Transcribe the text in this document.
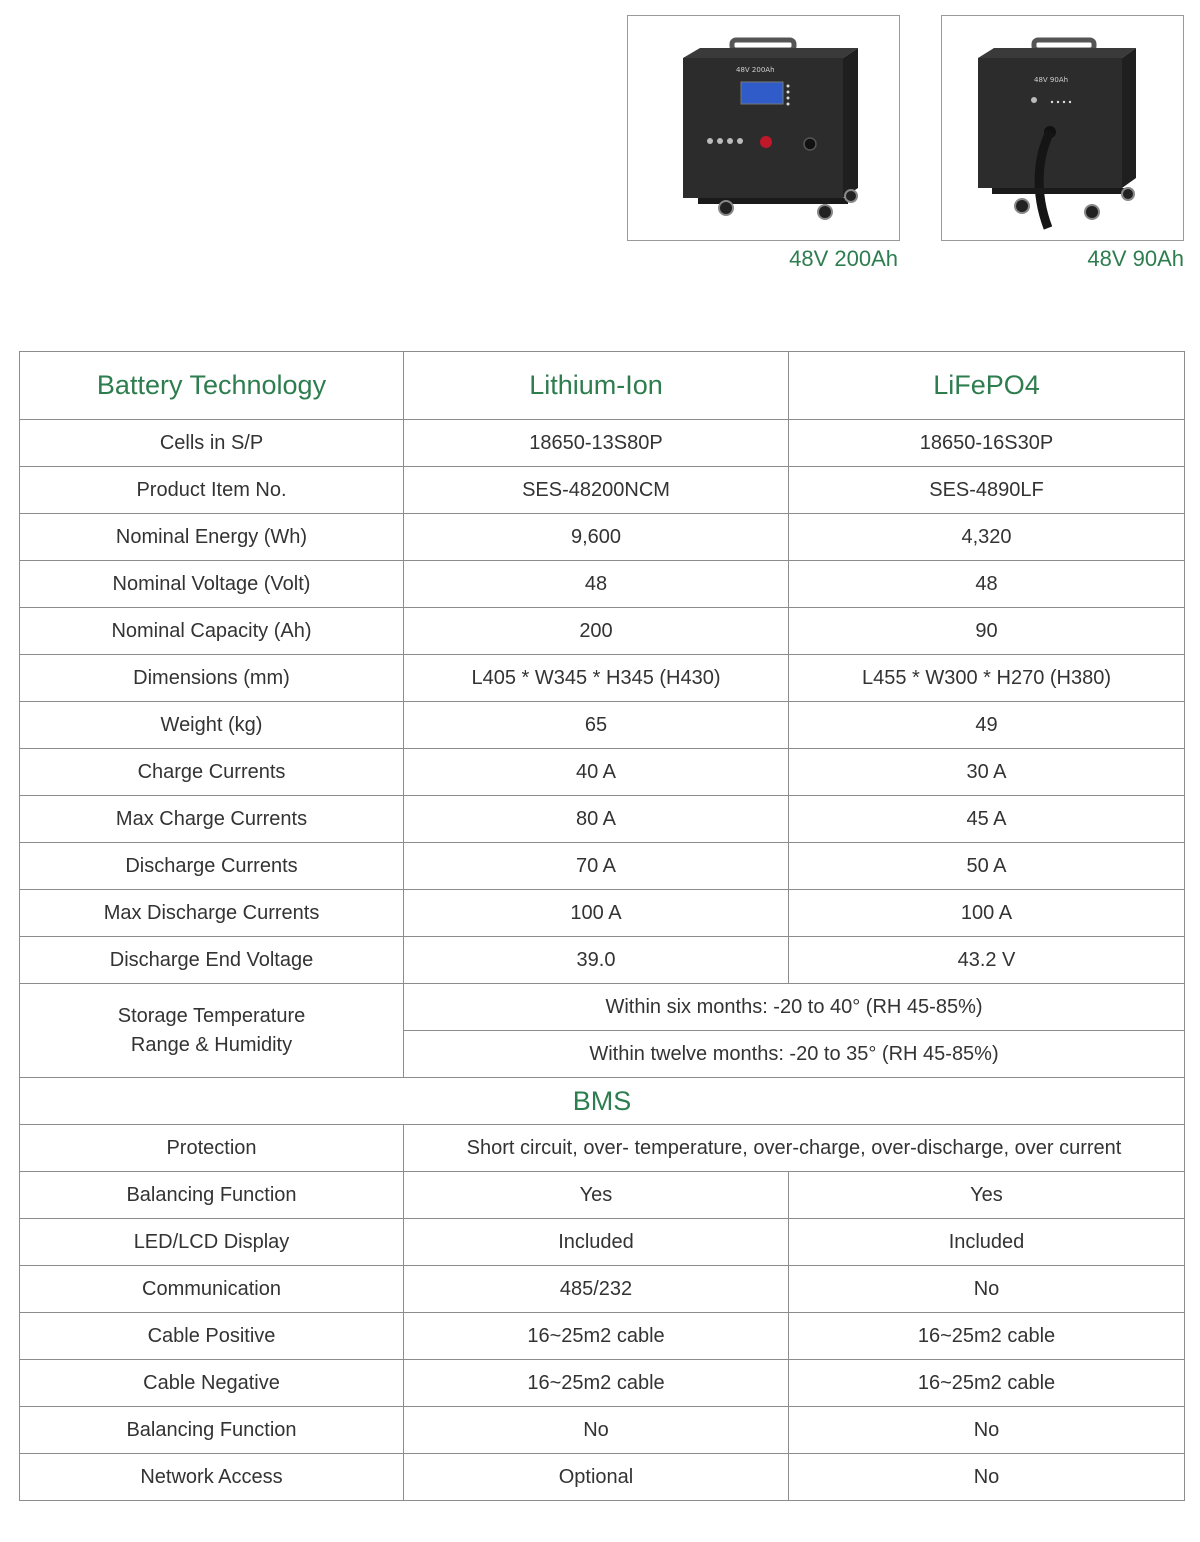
48V 200Ah
48V 200Ah
48V 90Ah
48V 90Ah
Battery Technology	Lithium-Ion	LiFePO4
Cells in S/P	18650-13S80P	18650-16S30P
Product Item No.	SES-48200NCM	SES-4890LF
Nominal Energy (Wh)	9,600	4,320
Nominal Voltage (Volt)	48	48
Nominal Capacity (Ah)	200	90
Dimensions (mm)	L405 * W345 * H345 (H430)	L455 * W300 * H270 (H380)
Weight (kg)	65	49
Charge Currents	40 A	30 A
Max Charge Currents	80 A	45 A
Discharge Currents	70 A	50 A
Max Discharge Currents	100 A	100 A
Discharge End Voltage	39.0	43.2 V

Storage Temperature
Range & Humidity	Within six months: -20 to 40° (RH 45-85%)	
	Within twelve months: -20 to 35° (RH 45-85%)	
BMS		
Protection	Short circuit, over- temperature, over-charge, over-discharge, over current	
Balancing Function	Yes	Yes
LED/LCD Display	Included	Included
Communication	485/232	No
Cable Positive	16~25m2 cable	16~25m2 cable
Cable Negative	16~25m2 cable	16~25m2 cable
Balancing Function	No	No
Network Access	Optional	No
